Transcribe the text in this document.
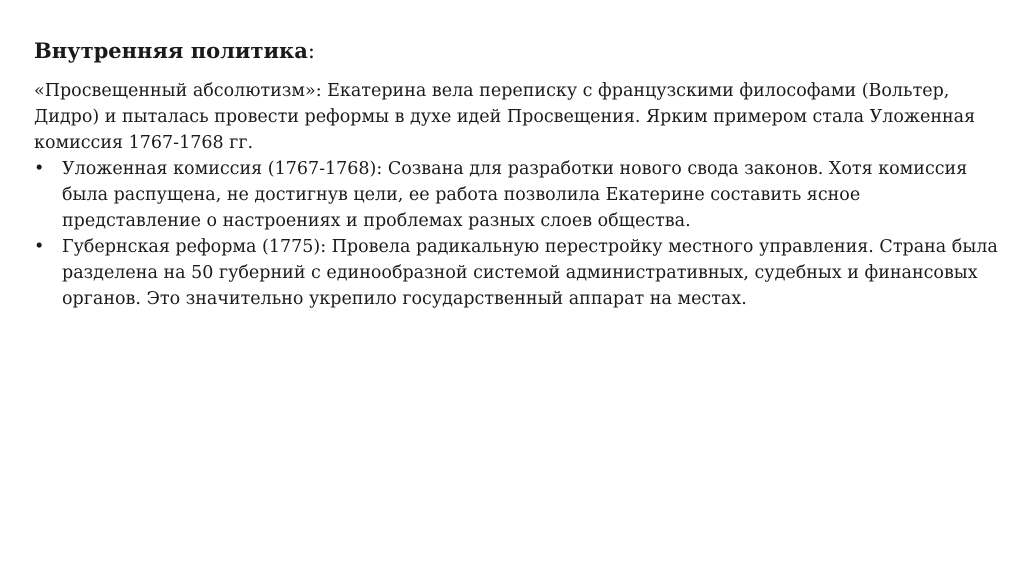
Внутренняя политика:

«Просвещенный абсолютизм»: Екатерина вела переписку с французскими философами (Вольтер, Дидро) и пыталась провести реформы в духе идей Просвещения. Ярким примером стала Уложенная комиссия 1767-1768 гг.

• Уложенная комиссия (1767-1768): Созвана для разработки нового свода законов. Хотя комиссия была распущена, не достигнув цели, ее работа позволила Екатерине составить ясное представление о настроениях и проблемах разных слоев общества.
• Губернская реформа (1775): Провела радикальную перестройку местного управления. Страна была разделена на 50 губерний с единообразной системой административных, судебных и финансовых органов. Это значительно укрепило государственный аппарат на местах.
